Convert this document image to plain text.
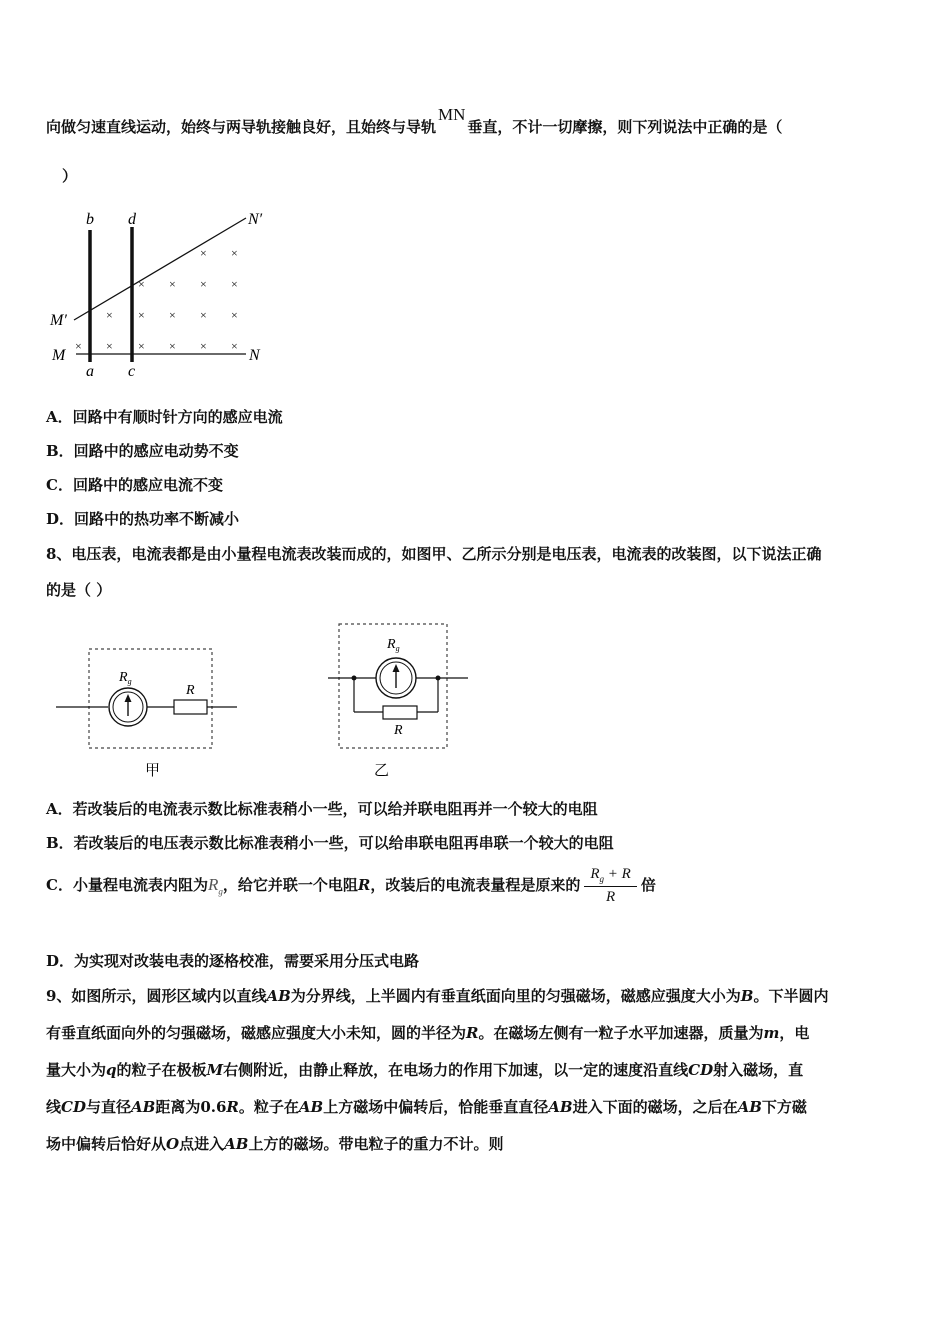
向做匀速直线运动，始终与两导轨接触良好，且始终与导轨MN垂直，不计一切摩擦，则下列说法中正确的是（
）
b d	N′
M′
M	N
a c
× ×
× × × ×
× × × × ×
× × × × × ×
A．回路中有顺时针方向的感应电流
B．回路中的感应电动势不变
C．回路中的感应电流不变
D．回路中的热功率不断减小
8、电压表，电流表都是由小量程电流表改装而成的，如图甲、乙所示分别是电压表，电流表的改装图，以下说法正确
的是（ ）
$R_g$
R
甲
$R_g$
R
乙
A．若改装后的电流表示数比标准表稍小一些，可以给并联电阻再并一个较大的电阻
B．若改装后的电压表示数比标准表稍小一些，可以给串联电阻再串联一个较大的电阻
C．小量程电流表内阻为$R_g$，给它并联一个电阻R，改装后的电流表量程是原来的 $\frac{R_g + R}{R}$ 倍
D．为实现对改装电表的逐格校准，需要采用分压式电路
9、如图所示，圆形区域内以直线AB为分界线，上半圆内有垂直纸面向里的匀强磁场，磁感应强度大小为B。下半圆内
有垂直纸面向外的匀强磁场，磁感应强度大小未知，圆的半径为R。在磁场左侧有一粒子水平加速器，质量为m，电
量大小为q的粒子在极板M右侧附近，由静止释放，在电场力的作用下加速，以一定的速度沿直线CD射入磁场，直
线CD与直径AB距离为0.6R。粒子在AB上方磁场中偏转后，恰能垂直直径AB进入下面的磁场，之后在AB下方磁
场中偏转后恰好从O点进入AB上方的磁场。带电粒子的重力不计。则
